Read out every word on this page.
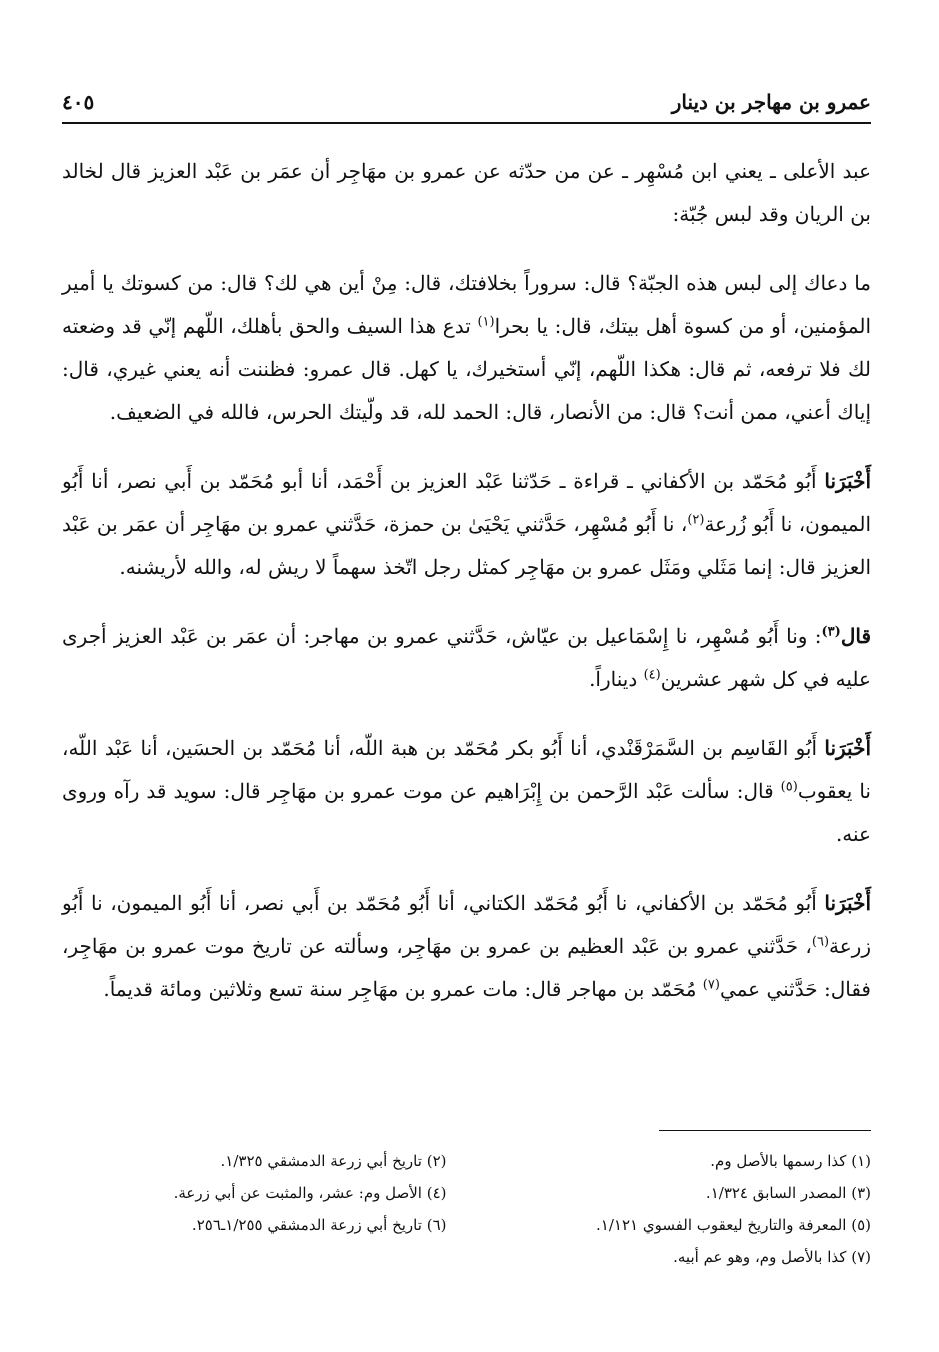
عمرو بن مهاجر بن دينار
٤٠٥

عبد الأعلى ـ يعني ابن مُسْهِر ـ عن من حدّثه عن عمرو بن مهَاجِر أن عمَر بن عَبْد العزيز قال لخالد بن الريان وقد لبس جُبّة:

ما دعاك إلى لبس هذه الجبّة؟ قال: سروراً بخلافتك، قال: مِنْ أين هي لك؟ قال: من كسوتك يا أمير المؤمنين، أو من كسوة أهل بيتك، قال: يا بحرا$^{(١)}$ تدع هذا السيف والحق بأهلك، اللّهم إنّي قد وضعته لك فلا ترفعه، ثم قال: هكذا اللّهم، إنّي أستخيرك، يا كهل. قال عمرو: فظننت أنه يعني غيري، قال: إياك أعني، ممن أنت؟ قال: من الأنصار، قال: الحمد لله، قد ولّيتك الحرس، فالله في الضعيف.

أَخْبَرَنا أَبُو مُحَمّد بن الأكفاني ـ قراءة ـ حَدّثنا عَبْد العزيز بن أَحْمَد، أنا أبو مُحَمّد بن أَبي نصر، أنا أَبُو الميمون، نا أَبُو زُرعة$^{(٢)}$، نا أَبُو مُسْهِر، حَدَّثني يَحْيَىٰ بن حمزة، حَدَّثني عمرو بن مهَاجِر أن عمَر بن عَبْد العزيز قال: إنما مَثَلي ومَثَل عمرو بن مهَاجِر كمثل رجل اتّخذ سهماً لا ريش له، والله لأريشنه.

قال$^{(٣)}$: ونا أَبُو مُسْهِر، نا إِسْمَاعيل بن عيّاش، حَدَّثني عمرو بن مهاجر: أن عمَر بن عَبْد العزيز أجرى عليه في كل شهر عشرين$^{(٤)}$ ديناراً.

أَخْبَرَنا أَبُو القَاسِم بن السَّمَرْقَنْدي، أنا أَبُو بكر مُحَمّد بن هبة اللّه، أنا مُحَمّد بن الحسَين، أنا عَبْد اللّه، نا يعقوب$^{(٥)}$ قال: سألت عَبْد الرَّحمن بن إِبْرَاهيم عن موت عمرو بن مهَاجِر قال: سويد قد رآه وروى عنه.

أَخْبَرَنا أَبُو مُحَمّد بن الأكفاني، نا أَبُو مُحَمّد الكتاني، أنا أَبُو مُحَمّد بن أَبي نصر، أنا أَبُو الميمون، نا أَبُو زرعة$^{(٦)}$، حَدَّثني عمرو بن عَبْد العظيم بن عمرو بن مهَاجِر، وسألته عن تاريخ موت عمرو بن مهَاجِر، فقال: حَدَّثني عمي$^{(٧)}$ مُحَمّد بن مهاجر قال: مات عمرو بن مهَاجِر سنة تسع وثلاثين ومائة قديماً.

(١) كذا رسمها بالأصل وم.
(٢) تاريخ أبي زرعة الدمشقي ١/٣٢٥.
(٣) المصدر السابق ١/٣٢٤.
(٤) الأصل وم: عشر، والمثبت عن أبي زرعة.
(٥) المعرفة والتاريخ ليعقوب الفسوي ١/١٢١.
(٦) تاريخ أبي زرعة الدمشقي ١/٢٥٥ـ٢٥٦.
(٧) كذا بالأصل وم، وهو عم أبيه.
